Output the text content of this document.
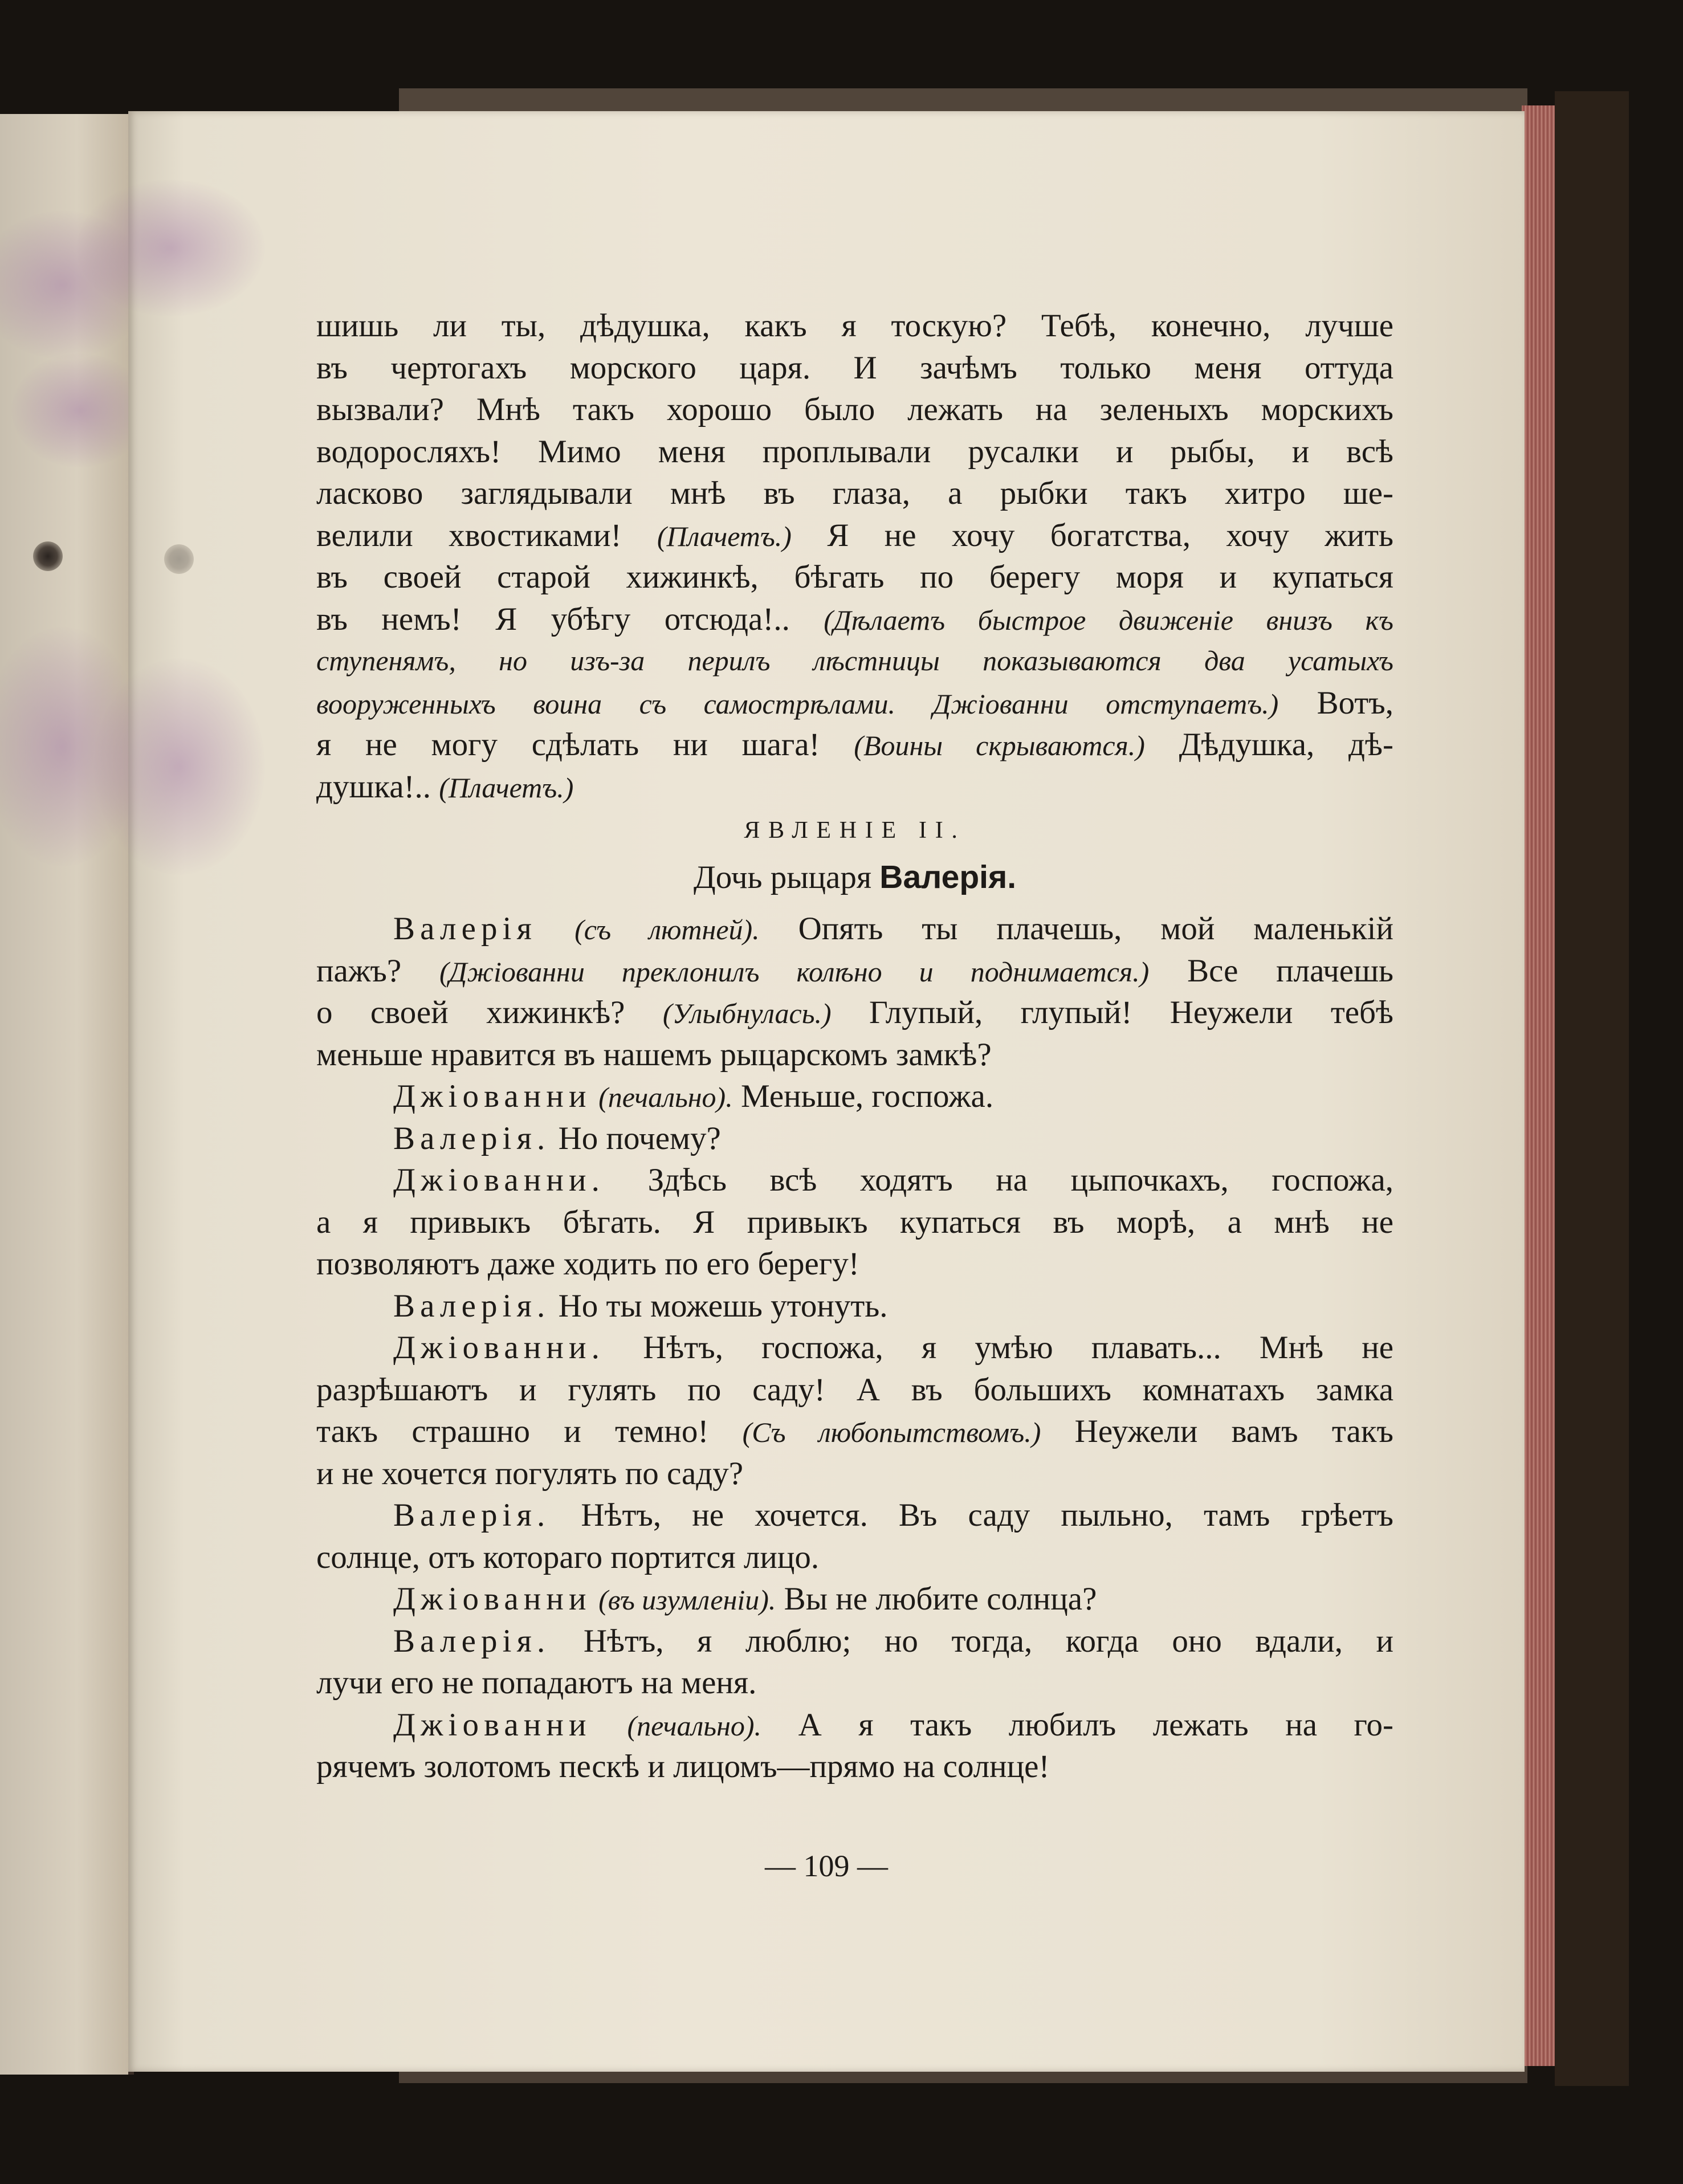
шишь ли ты, дѣдушка, какъ я тоскую? Тебѣ, конечно, лучше
въ чертогахъ морского царя. И зачѣмъ только меня оттуда
вызвали? Мнѣ такъ хорошо было лежать на зеленыхъ морскихъ
водоросляхъ! Мимо меня проплывали русалки и рыбы, и всѣ
ласково заглядывали мнѣ въ глаза, а рыбки такъ хитро ше-
велили хвостиками! (Плачетъ.) Я не хочу богатства, хочу жить
въ своей старой хижинкѣ, бѣгать по берегу моря и купаться
въ немъ! Я убѣгу отсюда!.. (Дѣлаетъ быстрое движеніе внизъ къ
ступенямъ, но изъ-за перилъ лѣстницы показываются два усатыхъ
вооруженныхъ воина съ самострѣлами. Джіованни отступаетъ.) Вотъ,
я не могу сдѣлать ни шага! (Воины скрываются.) Дѣдушка, дѣ-
душка!.. (Плачетъ.)
ЯВЛЕНІЕ II.
Дочь рыцаря Валерія.
Валерія (съ лютней). Опять ты плачешь, мой маленькій
пажъ? (Джіованни преклонилъ колѣно и поднимается.) Все плачешь
о своей хижинкѣ? (Улыбнулась.) Глупый, глупый! Неужели тебѣ
меньше нравится въ нашемъ рыцарскомъ замкѣ?
Джіованни (печально). Меньше, госпожа.
Валерія. Но почему?
Джіованни. Здѣсь всѣ ходятъ на цыпочкахъ, госпожа,
а я привыкъ бѣгать. Я привыкъ купаться въ морѣ, а мнѣ не
позволяютъ даже ходить по его берегу!
Валерія. Но ты можешь утонуть.
Джіованни. Нѣтъ, госпожа, я умѣю плавать... Мнѣ не
разрѣшаютъ и гулять по саду! А въ большихъ комнатахъ замка
такъ страшно и темно! (Съ любопытствомъ.) Неужели вамъ такъ
и не хочется погулять по саду?
Валерія. Нѣтъ, не хочется. Въ саду пыльно, тамъ грѣетъ
солнце, отъ котораго портится лицо.
Джіованни (въ изумленіи). Вы не любите солнца?
Валерія. Нѣтъ, я люблю; но тогда, когда оно вдали, и
лучи его не попадаютъ на меня.
Джіованни (печально). А я такъ любилъ лежать на го-
рячемъ золотомъ пескѣ и лицомъ—прямо на солнце!
— 109 —
